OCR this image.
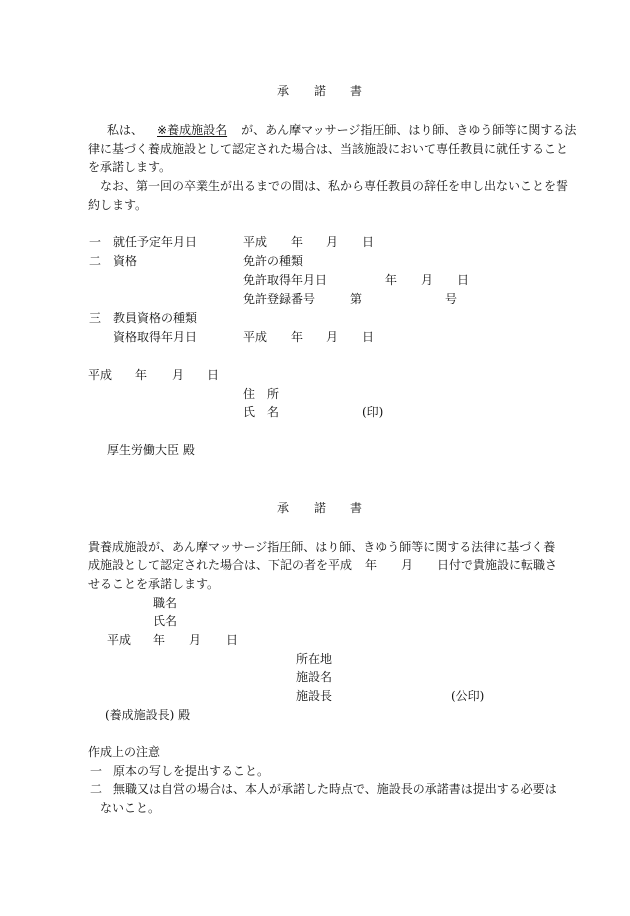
承 諾 書
私は、 ※養成施設名 が、あん摩マッサージ指圧師、はり師、きゆう師等に関する法
律に基づく養成施設として認定された場合は、当該施設において専任教員に就任すること
を承諾します。
なお、第一回の卒業生が出るまでの間は、私から専任教員の辞任を申し出ないことを誓
約します。
一 就任予定年月日	平成 年 月 日
二 資格	免許の種類
免許取得年月日	年 月 日
免許登録番号	第	号
三 教員資格の種類
資格取得年月日	平成 年 月 日
平成 年 月 日
住　所
氏　名	(印)
厚生労働大臣 殿
承 諾 書
貴養成施設が、あん摩マッサージ指圧師、はり師、きゆう師等に関する法律に基づく養
成施設として認定された場合は、下記の者を平成 年 月 日付で貴施設に転職さ
せることを承諾します。
職名
氏名
平成 年 月 日
所在地
施設名
施設長	(公印)
(養成施設長) 殿
作成上の注意
一 原本の写しを提出すること。
二 無職又は自営の場合は、本人が承諾した時点で、施設長の承諾書は提出する必要は
ないこと。
